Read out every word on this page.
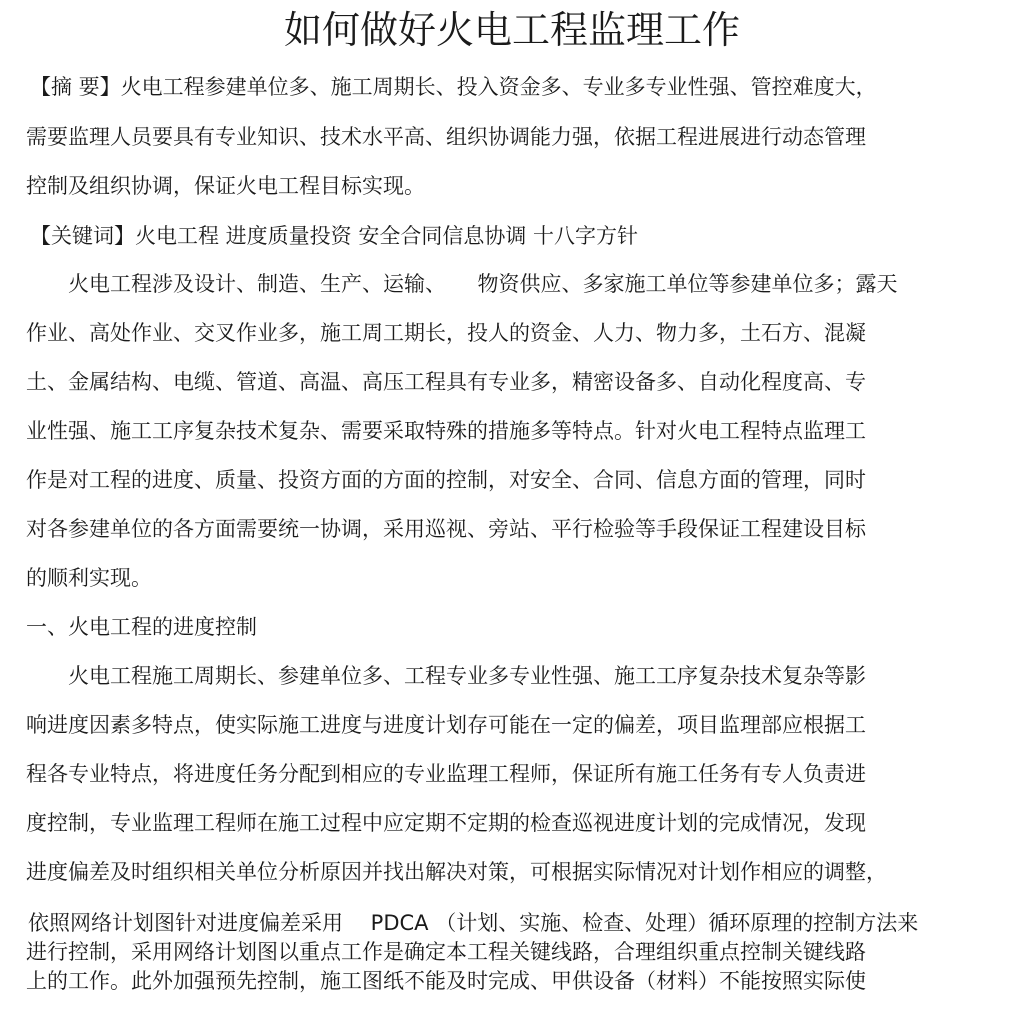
如何做好火电工程监理工作

【摘 要】火电工程参建单位多、施工周期长、投入资金多、专业多专业性强、管控难度大，

需要监理人员要具有专业知识、技术水平高、组织协调能力强，依据工程进展进行动态管理

控制及组织协调，保证火电工程目标实现。

【关键词】火电工程 进度质量投资 安全合同信息协调 十八字方针

　　火电工程涉及设计、制造、生产、运输、　　物资供应、多家施工单位等参建单位多；露天

作业、高处作业、交叉作业多，施工周工期长，投人的资金、人力、物力多，土石方、混凝

土、金属结构、电缆、管道、高温、高压工程具有专业多，精密设备多、自动化程度高、专

业性强、施工工序复杂技术复杂、需要采取特殊的措施多等特点。针对火电工程特点监理工

作是对工程的进度、质量、投资方面的方面的控制，对安全、合同、信息方面的管理，同时

对各参建单位的各方面需要统一协调，采用巡视、旁站、平行检验等手段保证工程建设目标

的顺利实现。

一、火电工程的进度控制

　　火电工程施工周期长、参建单位多、工程专业多专业性强、施工工序复杂技术复杂等影

响进度因素多特点，使实际施工进度与进度计划存可能在一定的偏差，项目监理部应根据工

程各专业特点，将进度任务分配到相应的专业监理工程师，保证所有施工任务有专人负责进

度控制，专业监理工程师在施工过程中应定期不定期的检查巡视进度计划的完成情况，发现

进度偏差及时组织相关单位分析原因并找出解决对策，可根据实际情况对计划作相应的调整，

依照网络计划图针对进度偏差采用　 PDCA （计划、实施、检查、处理）循环原理的控制方法来

进行控制，采用网络计划图以重点工作是确定本工程关键线路，合理组织重点控制关键线路

上的工作。此外加强预先控制，施工图纸不能及时完成、甲供设备（材料）不能按照实际使
